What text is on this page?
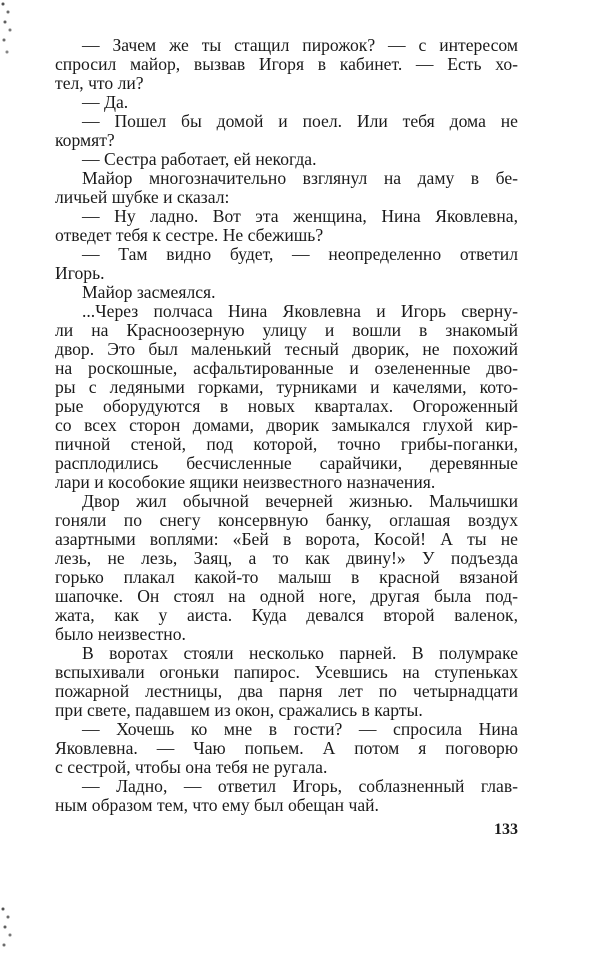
— Зачем же ты стащил пирожок? — с интересом
спросил майор, вызвав Игоря в кабинет. — Есть хо-
тел, что ли?
— Да.
— Пошел бы домой и поел. Или тебя дома не
кормят?
— Сестра работает, ей некогда.
Майор многозначительно взглянул на даму в бе-
личьей шубке и сказал:
— Ну ладно. Вот эта женщина, Нина Яковлевна,
отведет тебя к сестре. Не сбежишь?
— Там видно будет, — неопределенно ответил
Игорь.
Майор засмеялся.
...Через полчаса Нина Яковлевна и Игорь сверну-
ли на Красноозерную улицу и вошли в знакомый
двор. Это был маленький тесный дворик, не похожий
на роскошные, асфальтированные и озелененные дво-
ры с ледяными горками, турниками и качелями, кото-
рые оборудуются в новых кварталах. Огороженный
со всех сторон домами, дворик замыкался глухой кир-
пичной стеной, под которой, точно грибы-поганки,
расплодились бесчисленные сарайчики, деревянные
лари и кособокие ящики неизвестного назначения.
Двор жил обычной вечерней жизнью. Мальчишки
гоняли по снегу консервную банку, оглашая воздух
азартными воплями: «Бей в ворота, Косой! А ты не
лезь, не лезь, Заяц, а то как двину!» У подъезда
горько плакал какой-то малыш в красной вязаной
шапочке. Он стоял на одной ноге, другая была под-
жата, как у аиста. Куда девался второй валенок,
было неизвестно.
В воротах стояли несколько парней. В полумраке
вспыхивали огоньки папирос. Усевшись на ступеньках
пожарной лестницы, два парня лет по четырнадцати
при свете, падавшем из окон, сражались в карты.
— Хочешь ко мне в гости? — спросила Нина
Яковлевна. — Чаю попьем. А потом я поговорю
с сестрой, чтобы она тебя не ругала.
— Ладно, — ответил Игорь, соблазненный глав-
ным образом тем, что ему был обещан чай.
133
